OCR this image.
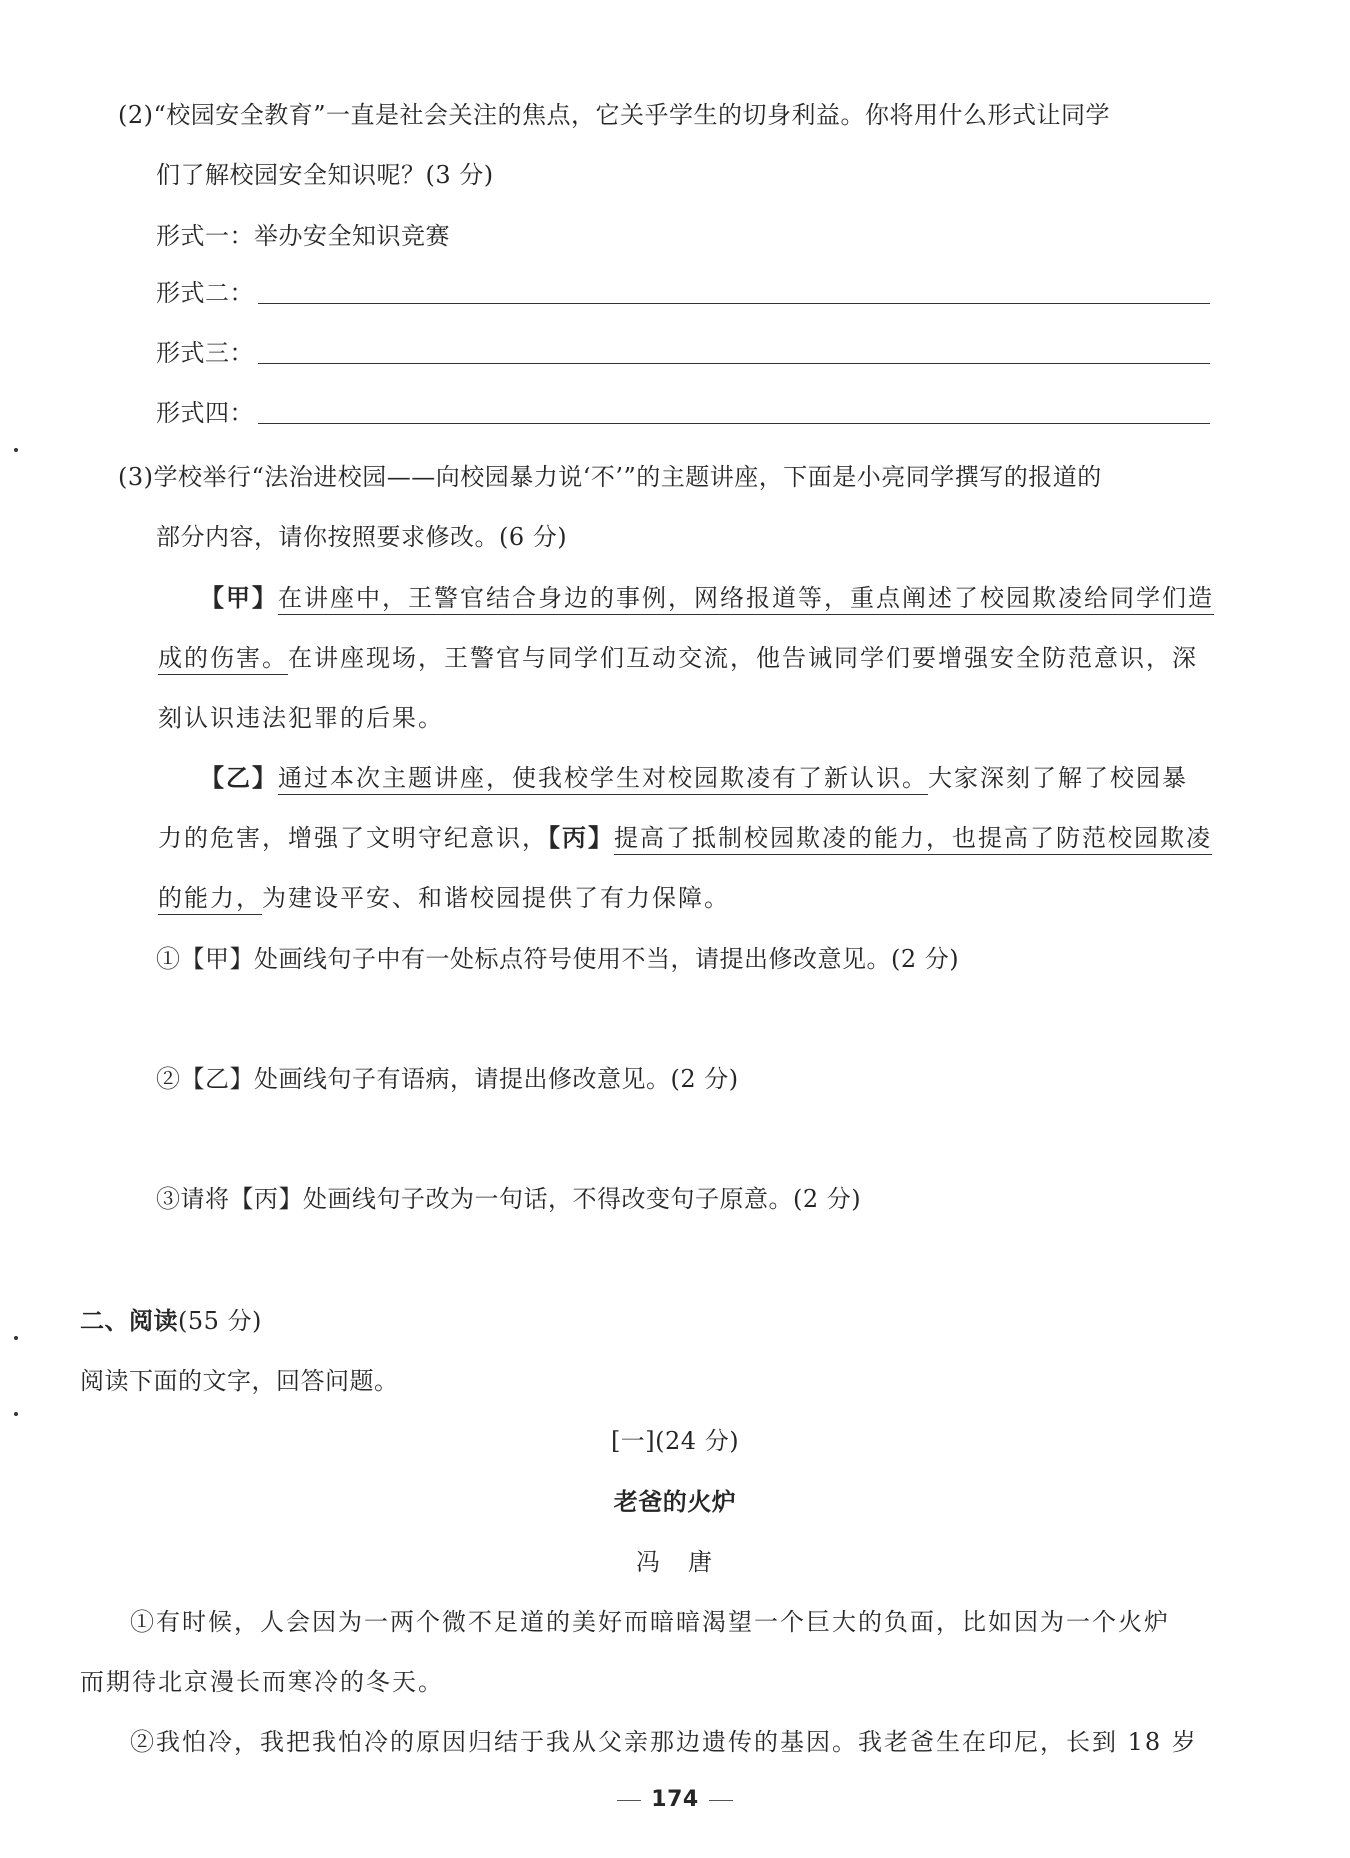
(2)“校园安全教育”一直是社会关注的焦点，它关乎学生的切身利益。你将用什么形式让同学
们了解校园安全知识呢？(3 分)
形式一：举办安全知识竞赛
形式二：
形式三：
形式四：
(3)学校举行“法治进校园——向校园暴力说‘不’”的主题讲座，下面是小亮同学撰写的报道的
部分内容，请你按照要求修改。(6 分)
【甲】在讲座中，王警官结合身边的事例，网络报道等，重点阐述了校园欺凌给同学们造
成的伤害。在讲座现场，王警官与同学们互动交流，他告诫同学们要增强安全防范意识，深
刻认识违法犯罪的后果。
【乙】通过本次主题讲座，使我校学生对校园欺凌有了新认识。大家深刻了解了校园暴
力的危害，增强了文明守纪意识，【丙】提高了抵制校园欺凌的能力，也提高了防范校园欺凌
的能力，为建设平安、和谐校园提供了有力保障。
①【甲】处画线句子中有一处标点符号使用不当，请提出修改意见。(2 分)
②【乙】处画线句子有语病，请提出修改意见。(2 分)
③请将【丙】处画线句子改为一句话，不得改变句子原意。(2 分)
二、阅读(55 分)
阅读下面的文字，回答问题。
[一](24 分)
老爸的火炉
冯　唐
①有时候，人会因为一两个微不足道的美好而暗暗渴望一个巨大的负面，比如因为一个火炉
而期待北京漫长而寒冷的冬天。
②我怕冷，我把我怕冷的原因归结于我从父亲那边遗传的基因。我老爸生在印尼，长到 18 岁
174
